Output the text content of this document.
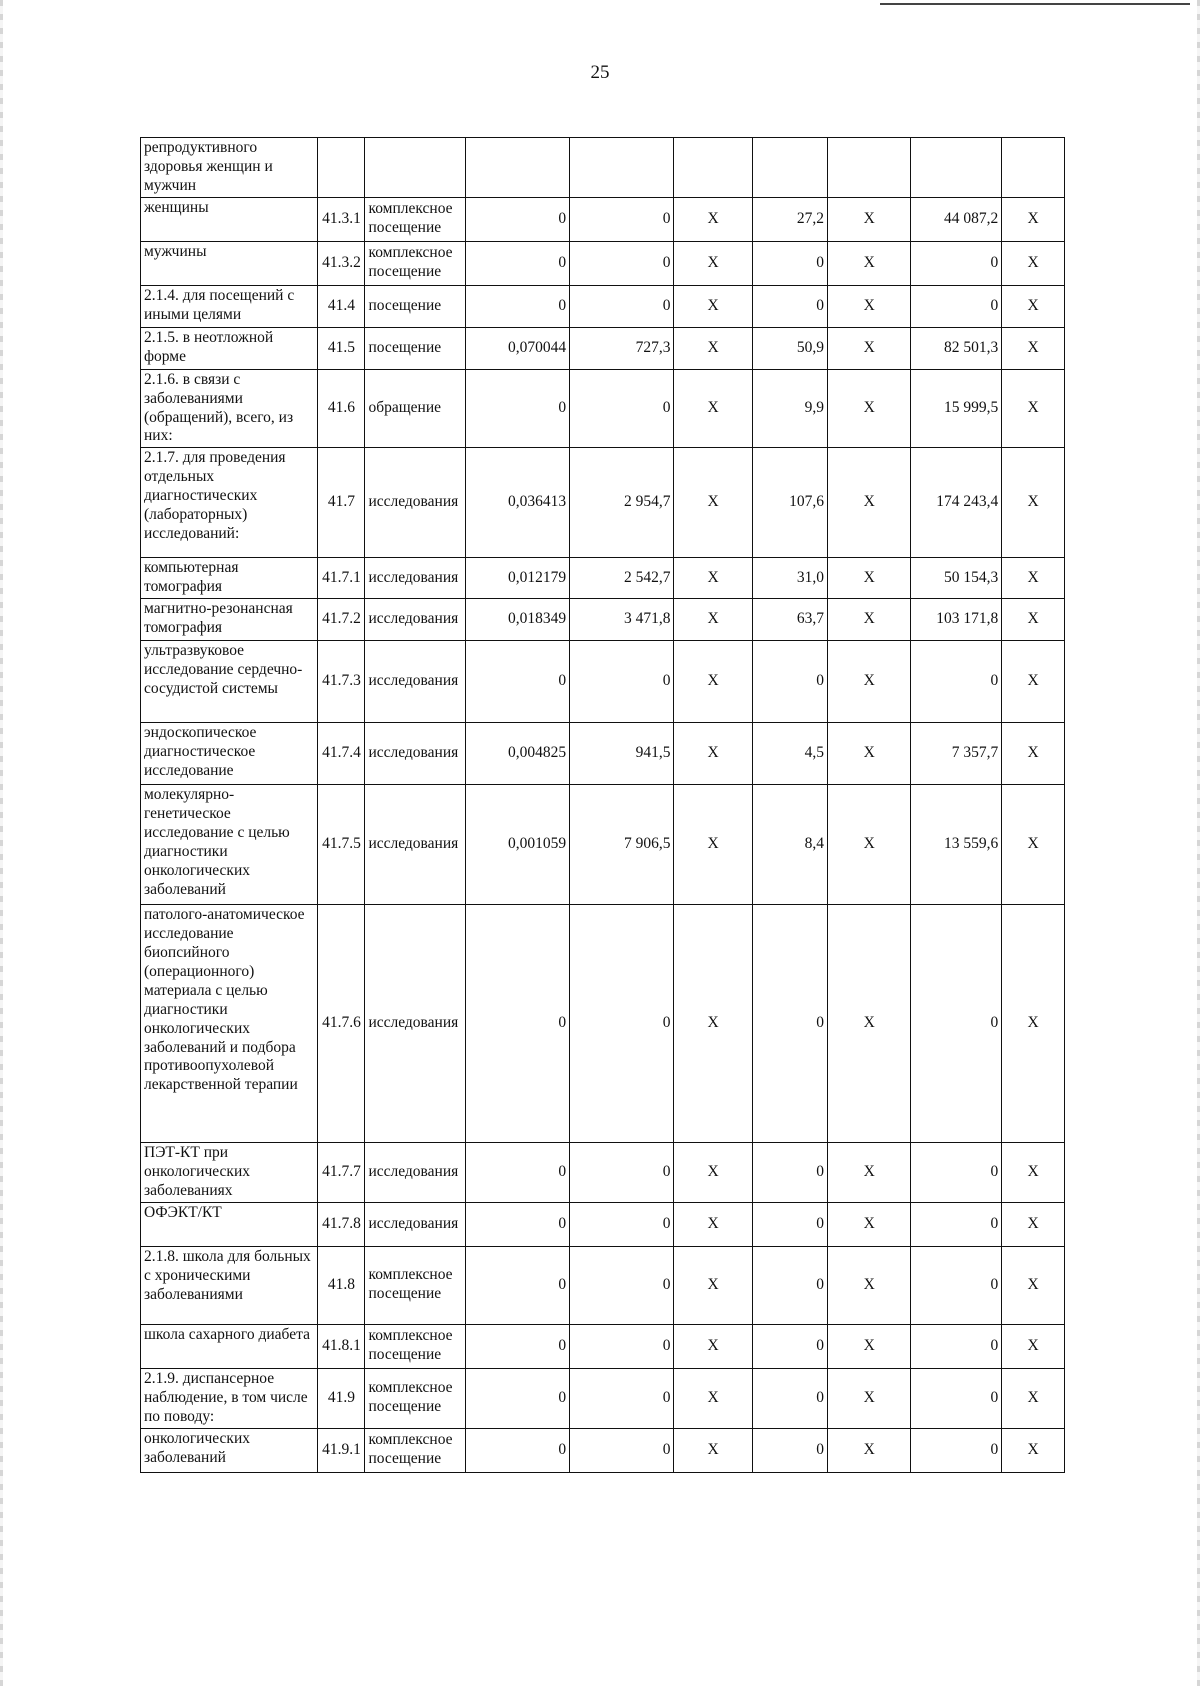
25
репродуктивного здоровья женщин и мужчин									
женщины	41.3.1	комплексное посещение	0	0	Х	27,2	Х	44 087,2	Х
мужчины	41.3.2	комплексное посещение	0	0	Х	0	Х	0	Х
2.1.4. для посещений с иными целями	41.4	посещение	0	0	Х	0	Х	0	Х
2.1.5. в неотложной форме	41.5	посещение	0,070044	727,3	Х	50,9	Х	82 501,3	Х
2.1.6. в связи с заболеваниями (обращений), всего, из них:	41.6	обращение	0	0	Х	9,9	Х	15 999,5	Х
2.1.7. для проведения отдельных диагностических (лабораторных) исследований:	41.7	исследования	0,036413	2 954,7	Х	107,6	Х	174 243,4	Х
компьютерная томография	41.7.1	исследования	0,012179	2 542,7	Х	31,0	Х	50 154,3	Х
магнитно-резонансная томография	41.7.2	исследования	0,018349	3 471,8	Х	63,7	Х	103 171,8	Х
ультразвуковое исследование сердечно-сосудистой системы	41.7.3	исследования	0	0	Х	0	Х	0	Х
эндоскопическое диагностическое исследование	41.7.4	исследования	0,004825	941,5	Х	4,5	Х	7 357,7	Х
молекулярно-генетическое исследование с целью диагностики онкологических заболеваний	41.7.5	исследования	0,001059	7 906,5	Х	8,4	Х	13 559,6	Х
патолого-анатомическое исследование биопсийного (операционного) материала с целью диагностики онкологических заболеваний и подбора противоопухолевой лекарственной терапии	41.7.6	исследования	0	0	Х	0	Х	0	Х
ПЭТ-КТ при онкологических заболеваниях	41.7.7	исследования	0	0	Х	0	Х	0	Х
ОФЭКТ/КТ	41.7.8	исследования	0	0	Х	0	Х	0	Х
2.1.8. школа для больных с хроническими заболеваниями	41.8	комплексное посещение	0	0	Х	0	Х	0	Х
школа сахарного диабета	41.8.1	комплексное посещение	0	0	Х	0	Х	0	Х
2.1.9. диспансерное наблюдение, в том числе по поводу:	41.9	комплексное посещение	0	0	Х	0	Х	0	Х
онкологических заболеваний	41.9.1	комплексное посещение	0	0	Х	0	Х	0	Х
